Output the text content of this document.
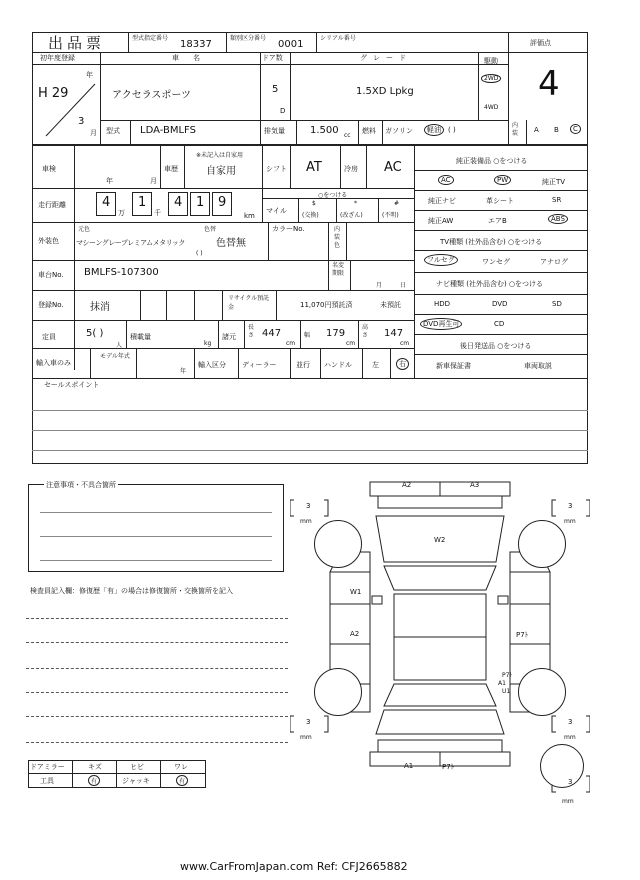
出品票	型式指定番号
18337
類別区分番号
0001
シリアル番号
評価点
4
初年度登録
年
H 29
3
月
車名
アクセラスポーツ
ドア数
5
D
グレード
1.5XD Lpkg
駆動
2WD
4WD
型式 LDA-BMLFS	排気量	1.500 cc
燃料 ガソリン	軽油	( )
内装	A B	C
車検
年	月
車歴
※未記入は自家用
自家用	シフト AT	冷房 AC
走行距離	4
万
1
千
4 1 9
km
○をつける
マイル
$
(交換)
*
(改ざん)
#
(不明)
外装色
元色	色替
マシーングレープレミアムメタリック	色替無
( )
カラーNo.	内装色
車台No. BMLFS-107300
名変期限
月	日
登録No.	抹消
リサイクル預託金	11,070円預託済	未預託
定員	5( )
人
積載量
kg
諸元
長さ 447
cm
幅 179
cm
高さ 147
cm
輸入車のみ
モデル年式
年
輸入区分 ディーラー	並行 ハンドル	左	右
純正装備品 ○をつける
AC	PW	純正TV
純正ナビ	革シート	SR
純正AW	エアB	ABS
TV種類 (社外品含む) ○をつける
フルセグ	ワンセグ	アナログ
ナビ種類 (社外品含む) ○をつける
HDD	DVD	SD
DVD再生可	CD
後日発送品 ○をつける
新車保証書	車両取説
セールスポイント
注意事項・不具合箇所
検査員記入欄：修復歴「有」の場合は修復箇所・交換箇所を記入
ドアミラー	キズ	ヒビ	ワレ
工具	有	ジャッキ	有
3
mm
3
mm
3
mm
3
mm
3
mm
A2	A3
W2
W1
A2	P7ﾄ
P7ﾄ
A1
U1
A1	P7ﾄ
www.CarFromJapan.com Ref: CFJ2665882
